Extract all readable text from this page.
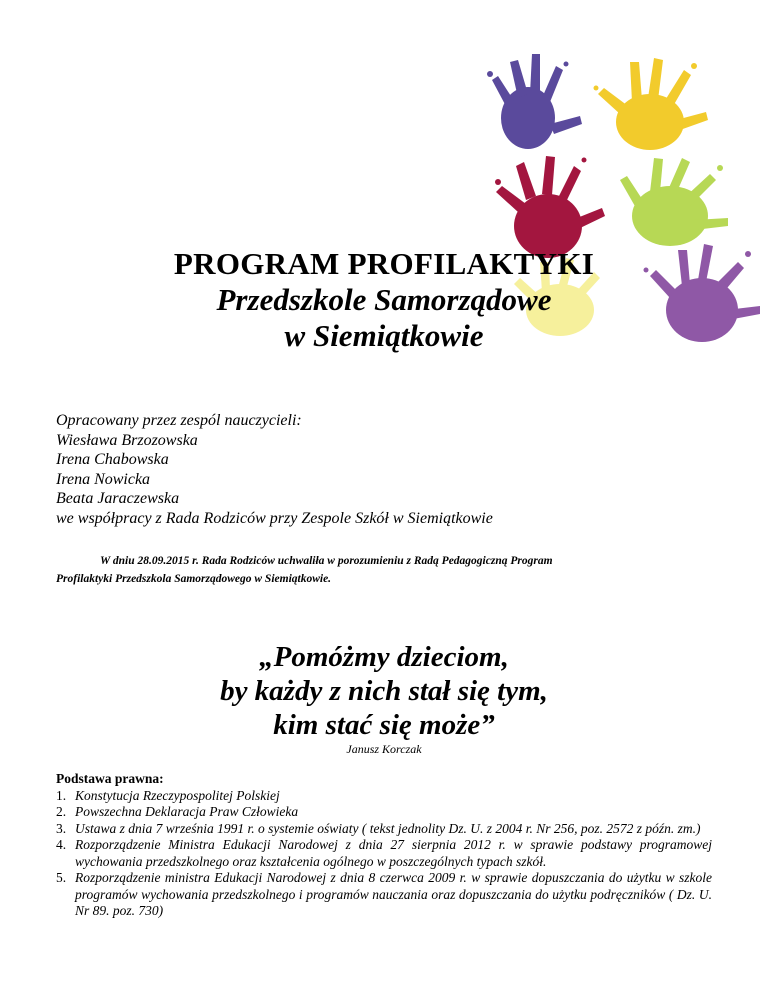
PROGRAM PROFILAKTYKI
Przedszkole Samorządowe
w Siemiątkowie
Opracowany przez zespól nauczycieli:
Wiesława Brzozowska
Irena Chabowska
Irena Nowicka
Beata Jaraczewska
we współpracy z Rada Rodziców przy Zespole Szkół w Siemiątkowie
W dniu 28.09.2015 r. Rada Rodziców uchwaliła w porozumieniu z Radą Pedagogiczną Program
Profilaktyki Przedszkola Samorządowego w Siemiątkowie.
„Pomóżmy dzieciom,
by każdy z nich stał się tym,
kim stać się może”
Janusz Korczak
Podstawa prawna:
1. Konstytucja Rzeczypospolitej Polskiej
2. Powszechna Deklaracja Praw Człowieka
3. Ustawa z dnia 7 września 1991 r. o systemie oświaty ( tekst jednolity Dz. U. z 2004 r. Nr 256, poz. 2572 z późn. zm.)
4. Rozporządzenie Ministra Edukacji Narodowej z dnia 27 sierpnia 2012 r. w sprawie podstawy programowej wychowania przedszkolnego oraz kształcenia ogólnego w poszczególnych typach szkół.
5. Rozporządzenie ministra Edukacji Narodowej z dnia 8 czerwca 2009 r. w sprawie dopuszczania do użytku w szkole programów wychowania przedszkolnego i programów nauczania oraz dopuszczania do użytku podręczników ( Dz. U. Nr 89. poz. 730)
